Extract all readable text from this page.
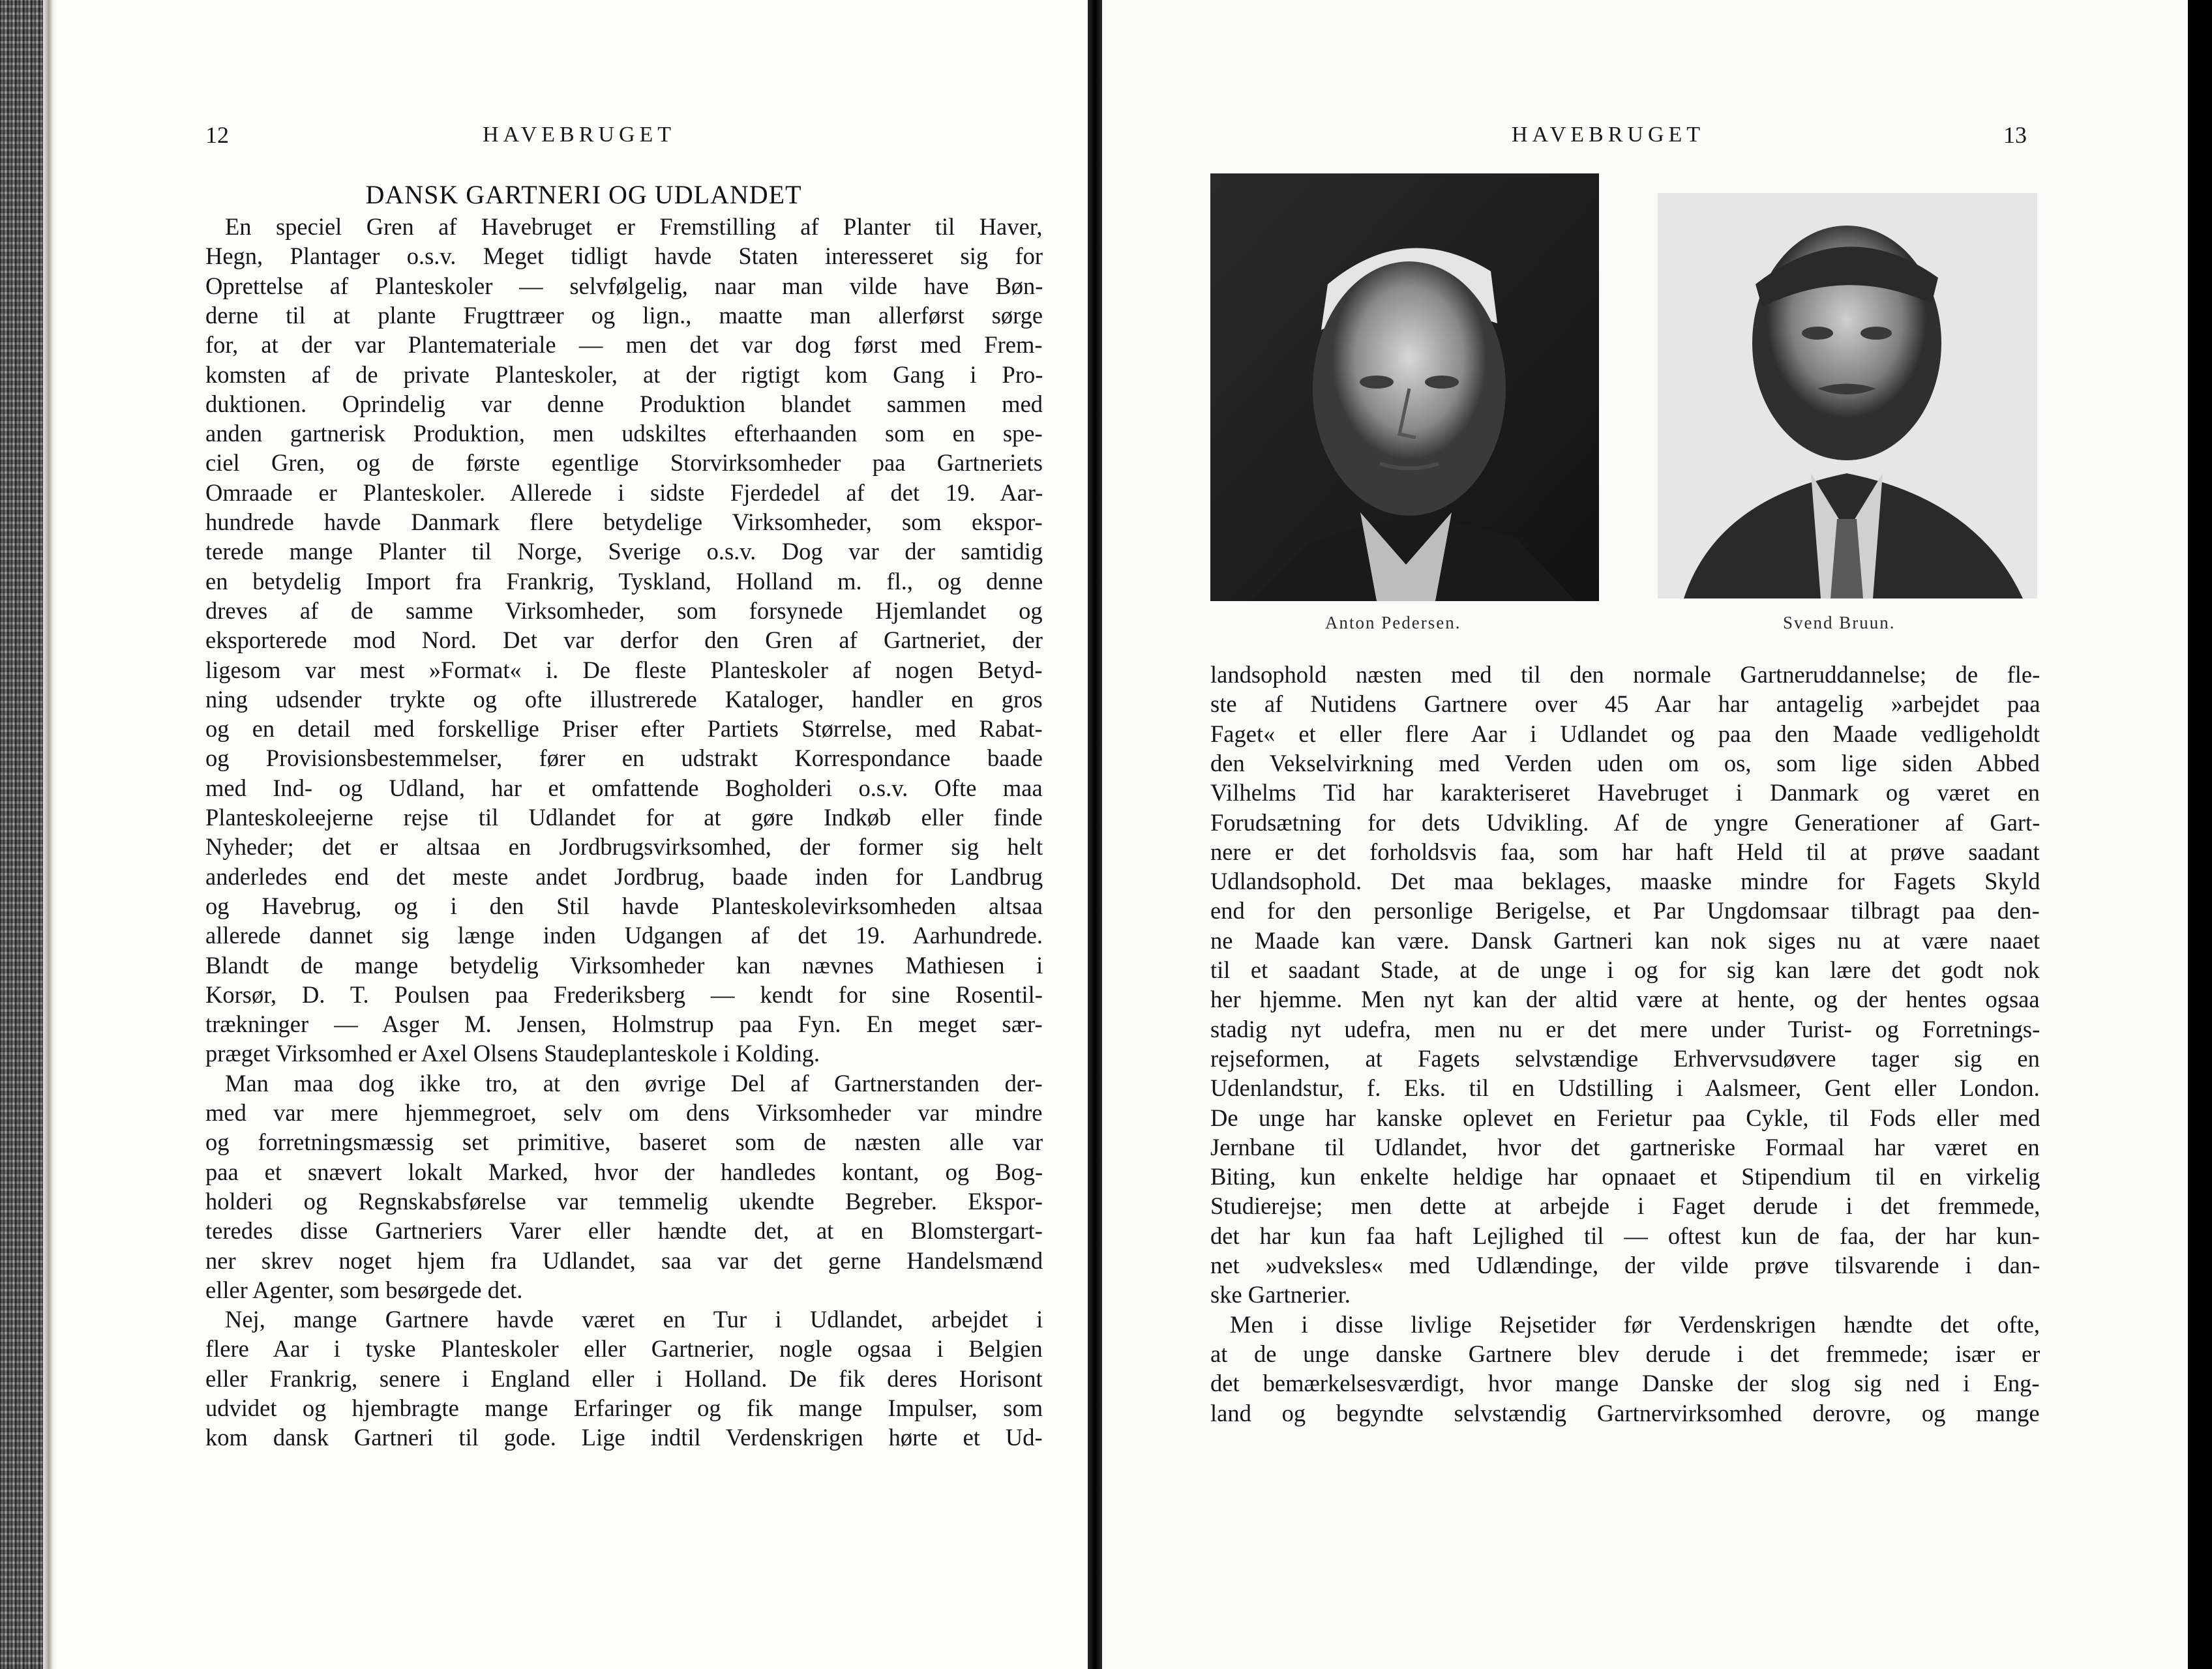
12	HAVEBRUGET
DANSK GARTNERI OG UDLANDET
En speciel Gren af Havebruget er Fremstilling af Planter til Haver,
Hegn, Plantager o.s.v. Meget tidligt havde Staten interesseret sig for
Oprettelse af Planteskoler — selvfølgelig, naar man vilde have Bøn-
derne til at plante Frugttræer og lign., maatte man allerførst sørge
for, at der var Plantemateriale — men det var dog først med Frem-
komsten af de private Planteskoler, at der rigtigt kom Gang i Pro-
duktionen. Oprindelig var denne Produktion blandet sammen med
anden gartnerisk Produktion, men udskiltes efterhaanden som en spe-
ciel Gren, og de første egentlige Storvirksomheder paa Gartneriets
Omraade er Planteskoler. Allerede i sidste Fjerdedel af det 19. Aar-
hundrede havde Danmark flere betydelige Virksomheder, som ekspor-
terede mange Planter til Norge, Sverige o.s.v. Dog var der samtidig
en betydelig Import fra Frankrig, Tyskland, Holland m. fl., og denne
dreves af de samme Virksomheder, som forsynede Hjemlandet og
eksporterede mod Nord. Det var derfor den Gren af Gartneriet, der
ligesom var mest »Format« i. De fleste Planteskoler af nogen Betyd-
ning udsender trykte og ofte illustrerede Kataloger, handler en gros
og en detail med forskellige Priser efter Partiets Størrelse, med Rabat-
og Provisionsbestemmelser, fører en udstrakt Korrespondance baade
med Ind- og Udland, har et omfattende Bogholderi o.s.v. Ofte maa
Planteskoleejerne rejse til Udlandet for at gøre Indkøb eller finde
Nyheder; det er altsaa en Jordbrugsvirksomhed, der former sig helt
anderledes end det meste andet Jordbrug, baade inden for Landbrug
og Havebrug, og i den Stil havde Planteskolevirksomheden altsaa
allerede dannet sig længe inden Udgangen af det 19. Aarhundrede.
Blandt de mange betydelig Virksomheder kan nævnes Mathiesen i
Korsør, D. T. Poulsen paa Frederiksberg — kendt for sine Rosentil-
trækninger — Asger M. Jensen, Holmstrup paa Fyn. En meget sær-
præget Virksomhed er Axel Olsens Staudeplanteskole i Kolding.
Man maa dog ikke tro, at den øvrige Del af Gartnerstanden der-
med var mere hjemmegroet, selv om dens Virksomheder var mindre
og forretningsmæssig set primitive, baseret som de næsten alle var
paa et snævert lokalt Marked, hvor der handledes kontant, og Bog-
holderi og Regnskabsførelse var temmelig ukendte Begreber. Ekspor-
teredes disse Gartneriers Varer eller hændte det, at en Blomstergart-
ner skrev noget hjem fra Udlandet, saa var det gerne Handelsmænd
eller Agenter, som besørgede det.
Nej, mange Gartnere havde været en Tur i Udlandet, arbejdet i
flere Aar i tyske Planteskoler eller Gartnerier, nogle ogsaa i Belgien
eller Frankrig, senere i England eller i Holland. De fik deres Horisont
udvidet og hjembragte mange Erfaringer og fik mange Impulser, som
kom dansk Gartneri til gode. Lige indtil Verdenskrigen hørte et Ud-
HAVEBRUGET	13
Anton Pedersen.	Svend Bruun.
landsophold næsten med til den normale Gartneruddannelse; de fle-
ste af Nutidens Gartnere over 45 Aar har antagelig »arbejdet paa
Faget« et eller flere Aar i Udlandet og paa den Maade vedligeholdt
den Vekselvirkning med Verden uden om os, som lige siden Abbed
Vilhelms Tid har karakteriseret Havebruget i Danmark og været en
Forudsætning for dets Udvikling. Af de yngre Generationer af Gart-
nere er det forholdsvis faa, som har haft Held til at prøve saadant
Udlandsophold. Det maa beklages, maaske mindre for Fagets Skyld
end for den personlige Berigelse, et Par Ungdomsaar tilbragt paa den-
ne Maade kan være. Dansk Gartneri kan nok siges nu at være naaet
til et saadant Stade, at de unge i og for sig kan lære det godt nok
her hjemme. Men nyt kan der altid være at hente, og der hentes ogsaa
stadig nyt udefra, men nu er det mere under Turist- og Forretnings-
rejseformen, at Fagets selvstændige Erhvervsudøvere tager sig en
Udenlandstur, f. Eks. til en Udstilling i Aalsmeer, Gent eller London.
De unge har kanske oplevet en Ferietur paa Cykle, til Fods eller med
Jernbane til Udlandet, hvor det gartneriske Formaal har været en
Biting, kun enkelte heldige har opnaaet et Stipendium til en virkelig
Studierejse; men dette at arbejde i Faget derude i det fremmede,
det har kun faa haft Lejlighed til — oftest kun de faa, der har kun-
net »udveksles« med Udlændinge, der vilde prøve tilsvarende i dan-
ske Gartnerier.
Men i disse livlige Rejsetider før Verdenskrigen hændte det ofte,
at de unge danske Gartnere blev derude i det fremmede; især er
det bemærkelsesværdigt, hvor mange Danske der slog sig ned i Eng-
land og begyndte selvstændig Gartnervirksomhed derovre, og mange
